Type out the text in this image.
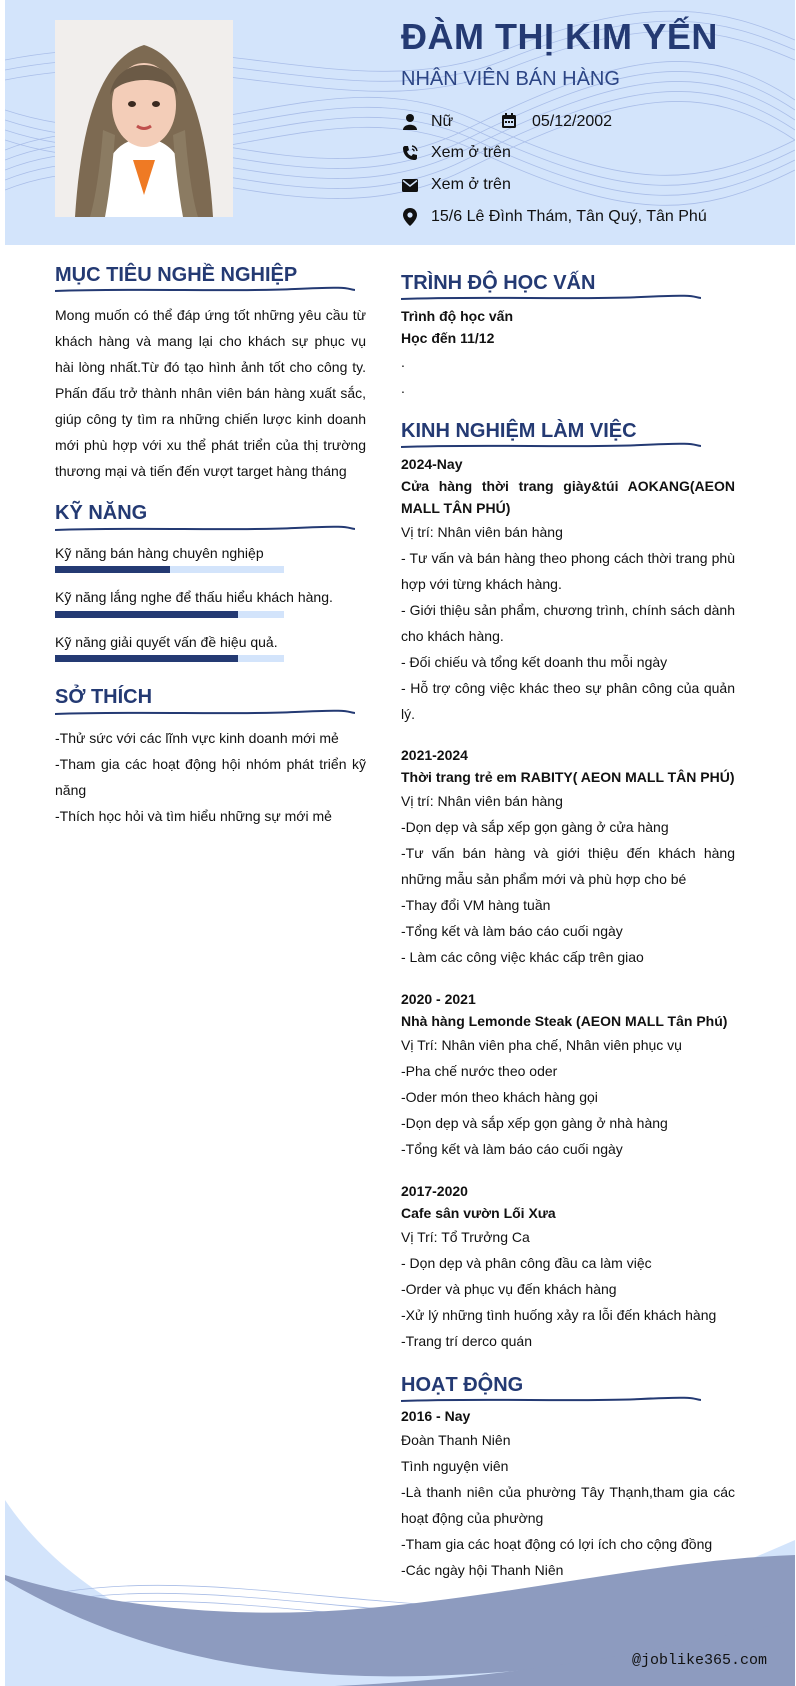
ĐÀM THỊ KIM YẾN
NHÂN VIÊN BÁN HÀNG
Nữ	05/12/2002
Xem ở trên
Xem ở trên
15/6 Lê Đình Thám, Tân Quý, Tân Phú
MỤC TIÊU NGHỀ NGHIỆP
Mong muốn có thể đáp ứng tốt những yêu cầu từ khách hàng và mang lại cho khách sự phục vụ hài lòng nhất.Từ đó tạo hình ảnh tốt cho công ty. Phấn đấu trở thành nhân viên bán hàng xuất sắc, giúp công ty tìm ra những chiến lược kinh doanh mới phù hợp với xu thể phát triển của thị trường thương mại và tiến đến vượt target hàng tháng
KỸ NĂNG
Kỹ năng bán hàng chuyên nghiệp
Kỹ năng lắng nghe để thấu hiểu khách hàng.
Kỹ năng giải quyết vấn đề hiệu quả.
SỞ THÍCH

-Thử sức với các lĩnh vực kinh doanh mới mẻ

-Tham gia các hoạt động hội nhóm phát triển kỹ năng

-Thích học hỏi và tìm hiểu những sự mới mẻ

TRÌNH ĐỘ HỌC VẤN

Trình độ học vấn

Học đến 11/12

.

.

KINH NGHIỆM LÀM VIỆC

2024-Nay

Cửa hàng thời trang giày&túi AOKANG(AEON MALL TÂN PHÚ)

Vị trí: Nhân viên bán hàng

- Tư vấn và bán hàng theo phong cách thời trang phù hợp với từng khách hàng.

- Giới thiệu sản phẩm, chương trình, chính sách dành cho khách hàng.

- Đối chiếu và tổng kết doanh thu mỗi ngày

- Hỗ trợ công việc khác theo sự phân công của quản lý.

2021-2024

Thời trang trẻ em RABITY( AEON MALL TÂN PHÚ)

Vị trí: Nhân viên bán hàng

-Dọn dẹp và sắp xếp gọn gàng ở cửa hàng

-Tư vấn bán hàng và giới thiệu đến khách hàng những mẫu sản phẩm mới và phù hợp cho bé

-Thay đổi VM hàng tuần

-Tổng kết và làm báo cáo cuối ngày

- Làm các công việc khác cấp trên giao

2020 - 2021

Nhà hàng Lemonde Steak (AEON MALL Tân Phú)

Vị Trí: Nhân viên pha chế, Nhân viên phục vụ

-Pha chế nước theo oder

-Oder món theo khách hàng gọi

-Dọn dẹp và sắp xếp gọn gàng ở nhà hàng

-Tổng kết và làm báo cáo cuối ngày

2017-2020

Cafe sân vườn Lối Xưa

Vị Trí: Tổ Trưởng Ca

- Dọn dẹp và phân công đầu ca làm việc

-Order và phục vụ đến khách hàng

-Xử lý những tình huống xảy ra lỗi đến khách hàng

-Trang trí derco quán

HOẠT ĐỘNG

2016 - Nay

Đoàn Thanh Niên

Tình nguyện viên

-Là thanh niên của phường Tây Thạnh,tham gia các hoạt động của phường

-Tham gia các hoạt động có lợi ích cho cộng đồng

-Các ngày hội Thanh Niên

@joblike365.com
